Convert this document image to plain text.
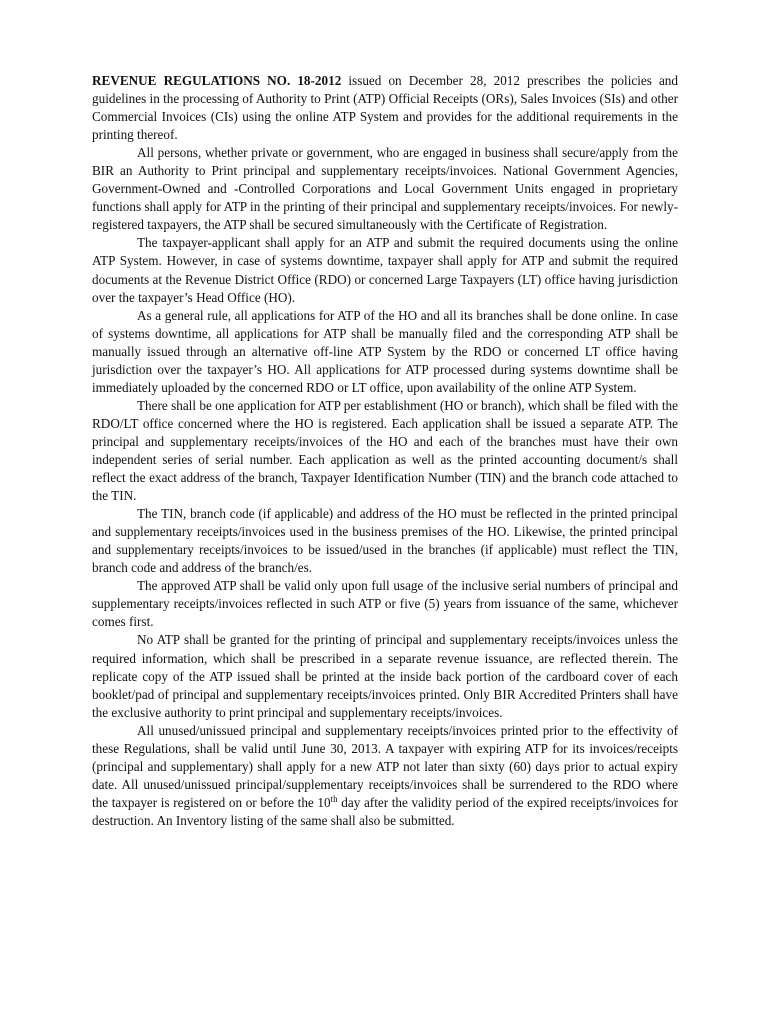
REVENUE REGULATIONS NO. 18-2012 issued on December 28, 2012 prescribes the policies and guidelines in the processing of Authority to Print (ATP) Official Receipts (ORs), Sales Invoices (SIs) and other Commercial Invoices (CIs) using the online ATP System and provides for the additional requirements in the printing thereof.

All persons, whether private or government, who are engaged in business shall secure/apply from the BIR an Authority to Print principal and supplementary receipts/invoices. National Government Agencies, Government-Owned and -Controlled Corporations and Local Government Units engaged in proprietary functions shall apply for ATP in the printing of their principal and supplementary receipts/invoices. For newly-registered taxpayers, the ATP shall be secured simultaneously with the Certificate of Registration.

The taxpayer-applicant shall apply for an ATP and submit the required documents using the online ATP System. However, in case of systems downtime, taxpayer shall apply for ATP and submit the required documents at the Revenue District Office (RDO) or concerned Large Taxpayers (LT) office having jurisdiction over the taxpayer’s Head Office (HO).

As a general rule, all applications for ATP of the HO and all its branches shall be done online. In case of systems downtime, all applications for ATP shall be manually filed and the corresponding ATP shall be manually issued through an alternative off-line ATP System by the RDO or concerned LT office having jurisdiction over the taxpayer’s HO. All applications for ATP processed during systems downtime shall be immediately uploaded by the concerned RDO or LT office, upon availability of the online ATP System.

There shall be one application for ATP per establishment (HO or branch), which shall be filed with the RDO/LT office concerned where the HO is registered. Each application shall be issued a separate ATP. The principal and supplementary receipts/invoices of the HO and each of the branches must have their own independent series of serial number. Each application as well as the printed accounting document/s shall reflect the exact address of the branch, Taxpayer Identification Number (TIN) and the branch code attached to the TIN.

The TIN, branch code (if applicable) and address of the HO must be reflected in the printed principal and supplementary receipts/invoices used in the business premises of the HO. Likewise, the printed principal and supplementary receipts/invoices to be issued/used in the branches (if applicable) must reflect the TIN, branch code and address of the branch/es.

The approved ATP shall be valid only upon full usage of the inclusive serial numbers of principal and supplementary receipts/invoices reflected in such ATP or five (5) years from issuance of the same, whichever comes first.

No ATP shall be granted for the printing of principal and supplementary receipts/invoices unless the required information, which shall be prescribed in a separate revenue issuance, are reflected therein. The replicate copy of the ATP issued shall be printed at the inside back portion of the cardboard cover of each booklet/pad of principal and supplementary receipts/invoices printed. Only BIR Accredited Printers shall have the exclusive authority to print principal and supplementary receipts/invoices.

All unused/unissued principal and supplementary receipts/invoices printed prior to the effectivity of these Regulations, shall be valid until June 30, 2013. A taxpayer with expiring ATP for its invoices/receipts (principal and supplementary) shall apply for a new ATP not later than sixty (60) days prior to actual expiry date. All unused/unissued principal/supplementary receipts/invoices shall be surrendered to the RDO where the taxpayer is registered on or before the 10th day after the validity period of the expired receipts/invoices for destruction. An Inventory listing of the same shall also be submitted.
